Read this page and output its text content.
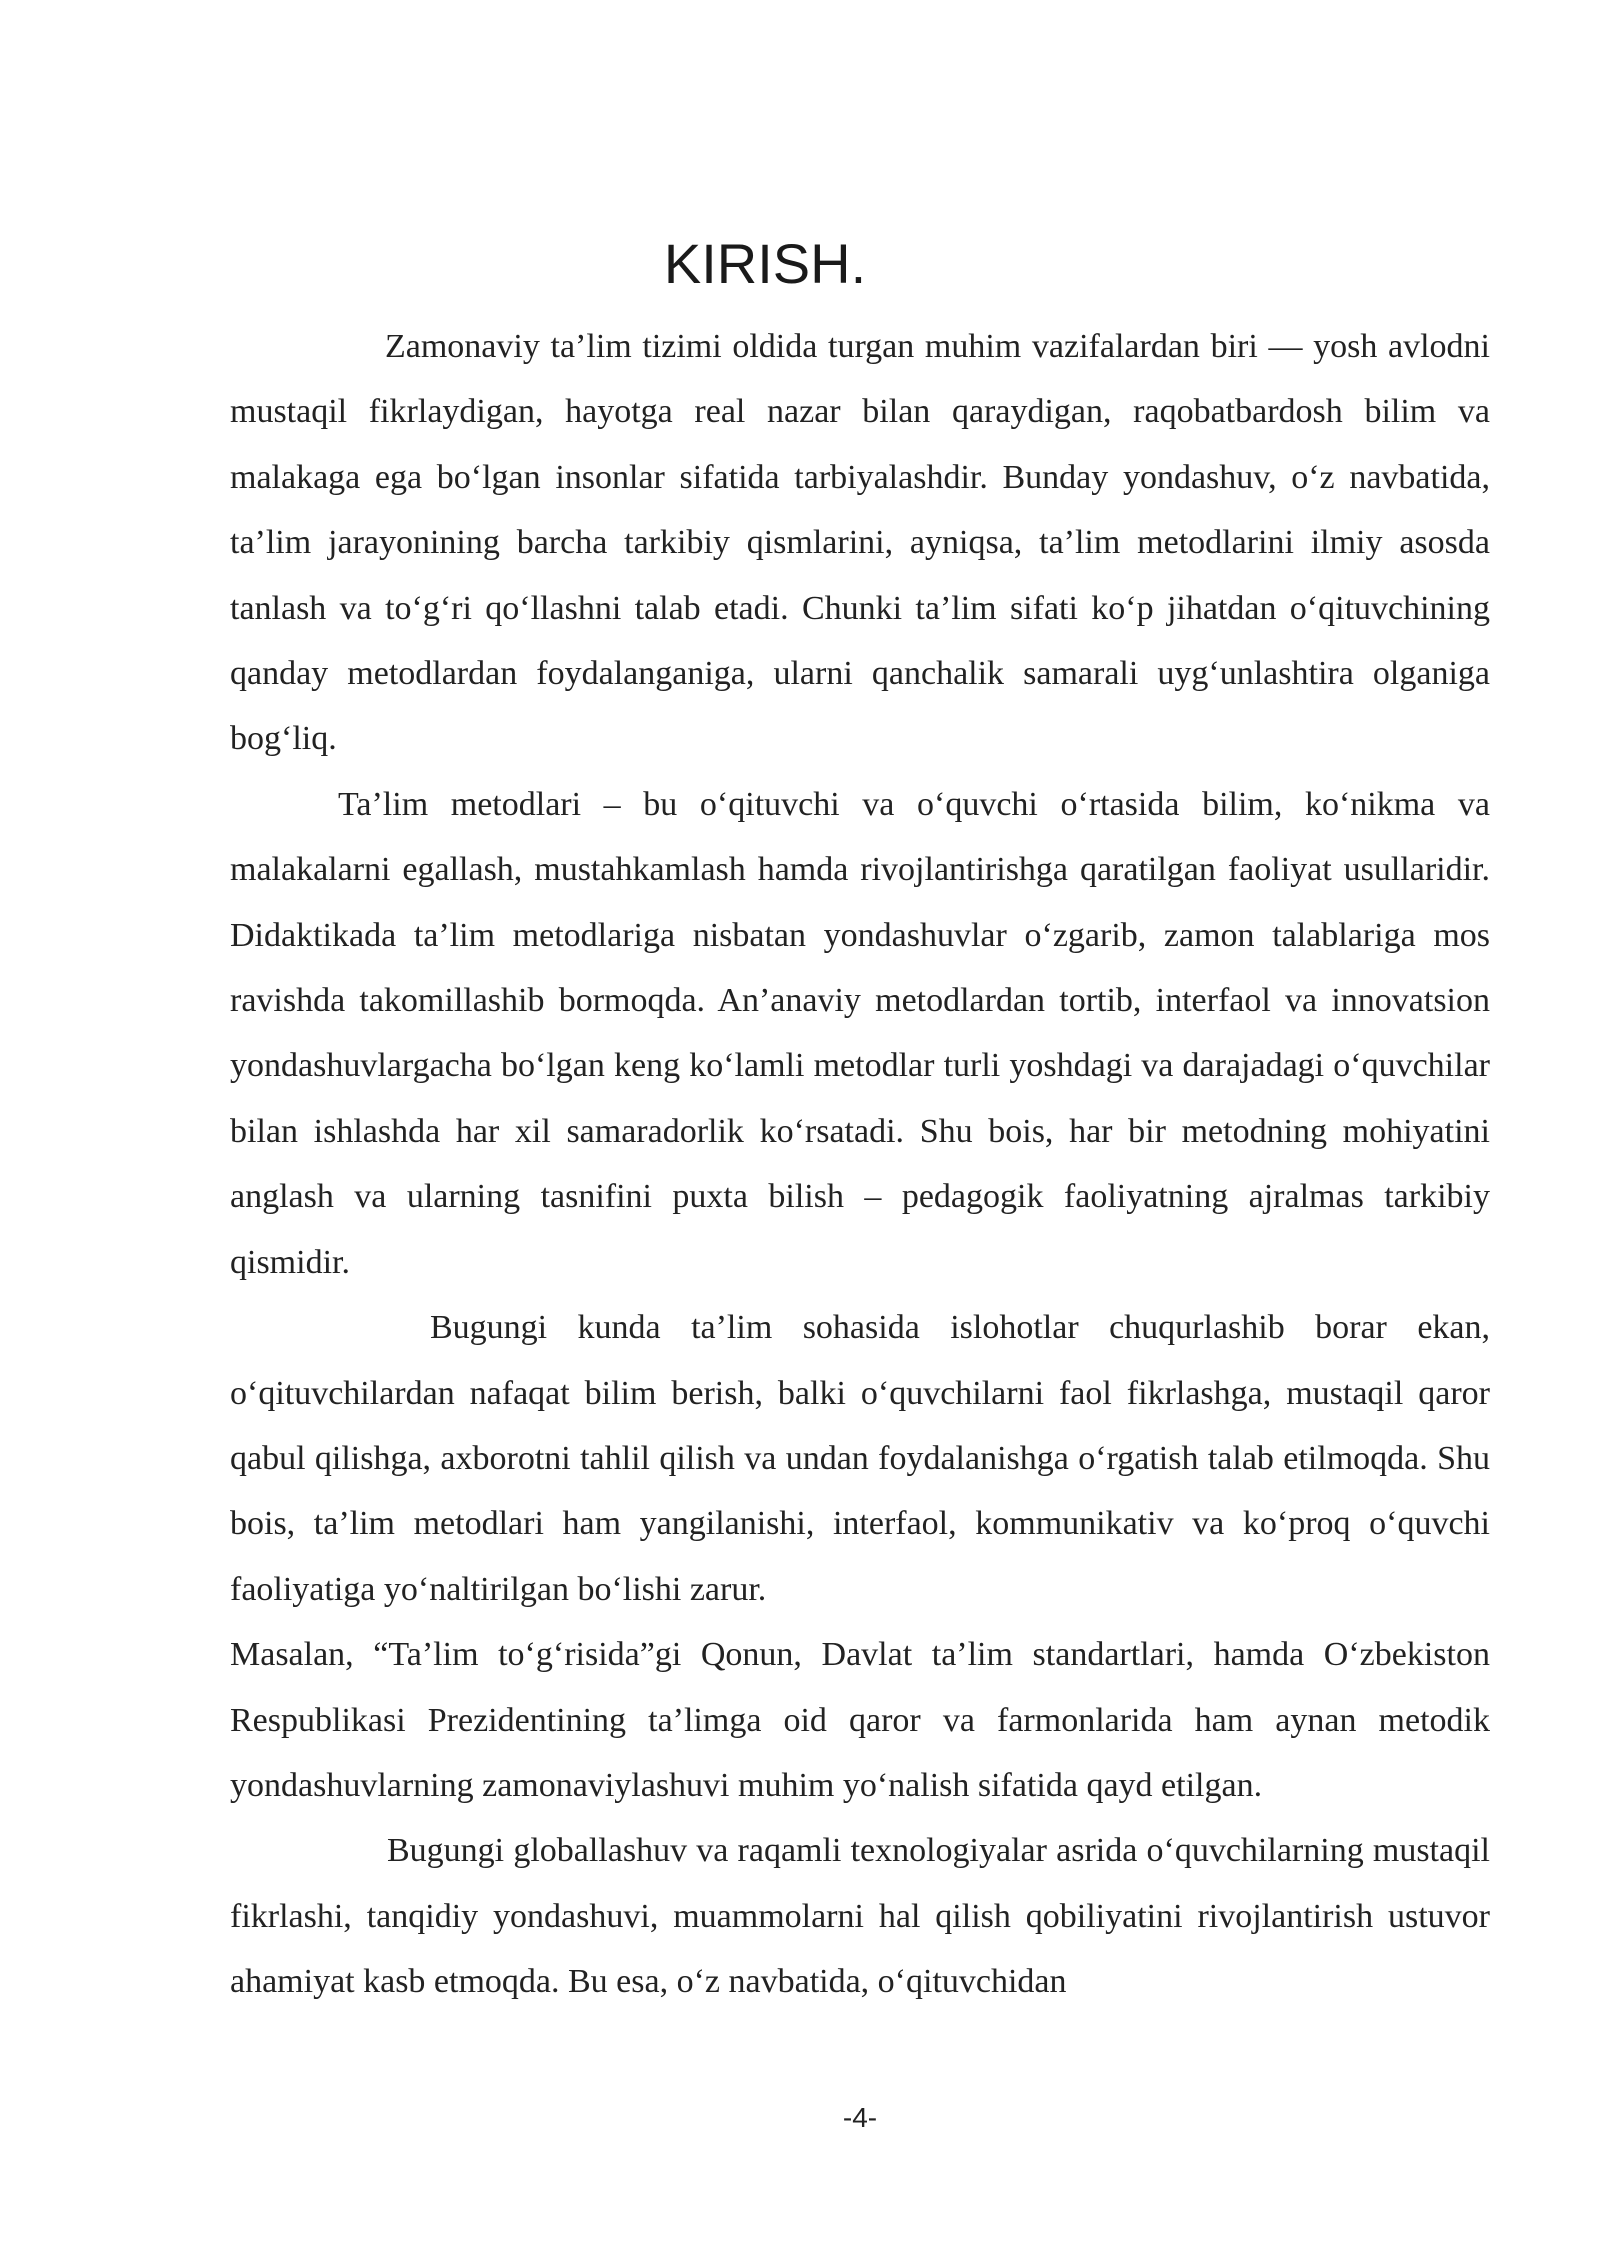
KIRISH.

Zamonaviy ta’lim tizimi oldida turgan muhim vazifalardan biri — yosh avlodni mustaqil fikrlaydigan, hayotga real nazar bilan qaraydigan, raqobatbardosh bilim va malakaga ega bo‘lgan insonlar sifatida tarbiyalashdir. Bunday yondashuv, o‘z navbatida, ta’lim jarayonining barcha tarkibiy qismlarini, ayniqsa, ta’lim metodlarini ilmiy asosda tanlash va to‘g‘ri qo‘llashni talab etadi. Chunki ta’lim sifati ko‘p jihatdan o‘qituvchining qanday metodlardan foydalanganiga, ularni qanchalik samarali uyg‘unlashtira olganiga bog‘liq.

Ta’lim metodlari – bu o‘qituvchi va o‘quvchi o‘rtasida bilim, ko‘nikma va malakalarni egallash, mustahkamlash hamda rivojlantirishga qaratilgan faoliyat usullaridir. Didaktikada ta’lim metodlariga nisbatan yondashuvlar o‘zgarib, zamon talablariga mos ravishda takomillashib bormoqda. An’anaviy metodlardan tortib, interfaol va innovatsion yondashuvlargacha bo‘lgan keng ko‘lamli metodlar turli yoshdagi va darajadagi o‘quvchilar bilan ishlashda har xil samaradorlik ko‘rsatadi. Shu bois, har bir metodning mohiyatini anglash va ularning tasnifini puxta bilish – pedagogik faoliyatning ajralmas tarkibiy qismidir.

Bugungi kunda ta’lim sohasida islohotlar chuqurlashib borar ekan, o‘qituvchilardan nafaqat bilim berish, balki o‘quvchilarni faol fikrlashga, mustaqil qaror qabul qilishga, axborotni tahlil qilish va undan foydalanishga o‘rgatish talab etilmoqda. Shu bois, ta’lim metodlari ham yangilanishi, interfaol, kommunikativ va ko‘proq o‘quvchi faoliyatiga yo‘naltirilgan bo‘lishi zarur.

Masalan, “Ta’lim to‘g‘risida”gi Qonun, Davlat ta’lim standartlari, hamda O‘zbekiston Respublikasi Prezidentining ta’limga oid qaror va farmonlarida ham aynan metodik yondashuvlarning zamonaviylashuvi muhim yo‘nalish sifatida qayd etilgan.

Bugungi globallashuv va raqamli texnologiyalar asrida o‘quvchilarning mustaqil fikrlashi, tanqidiy yondashuvi, muammolarni hal qilish qobiliyatini rivojlantirish ustuvor ahamiyat kasb etmoqda. Bu esa, o‘z navbatida, o‘qituvchidan

-4-
